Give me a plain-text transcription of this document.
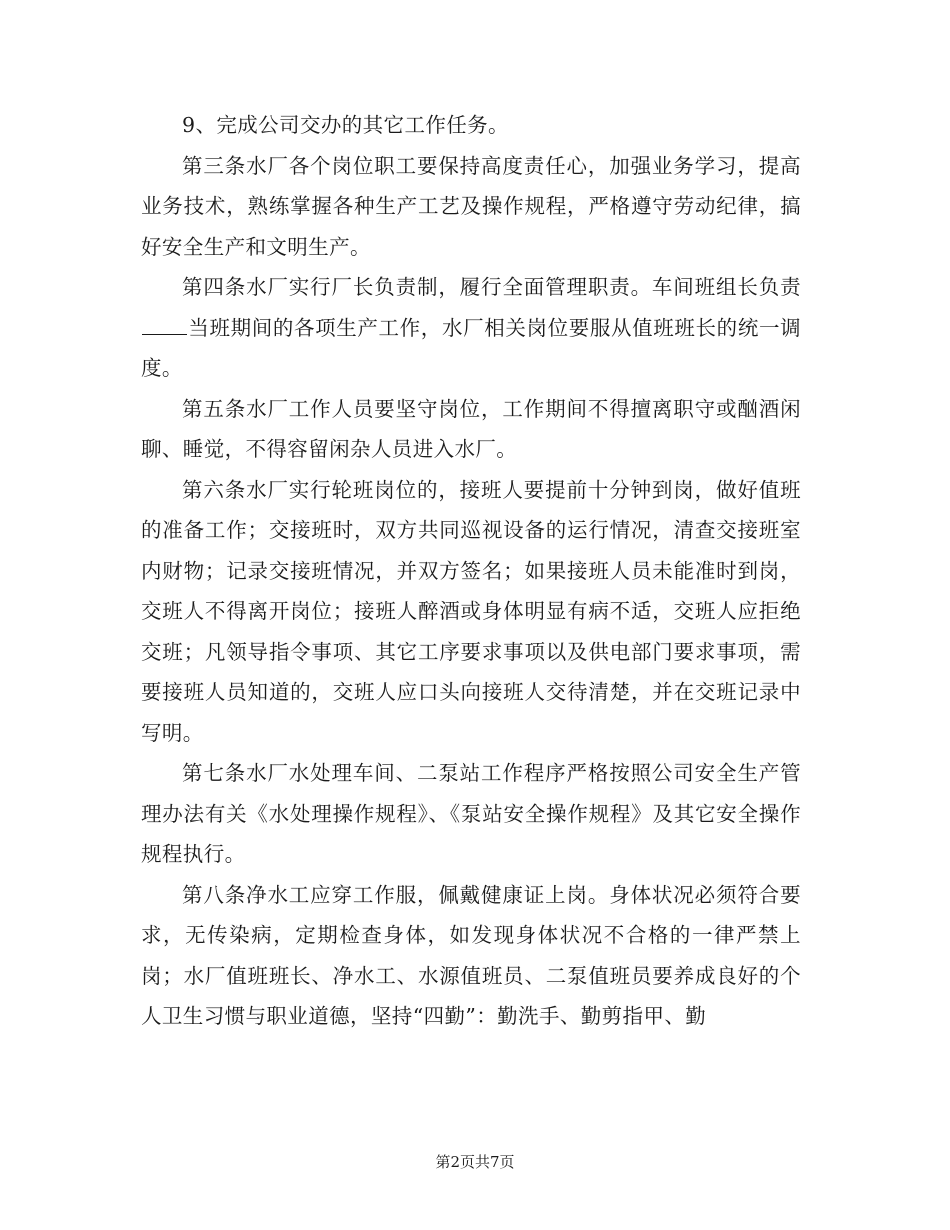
9、完成公司交办的其它工作任务。

第三条水厂各个岗位职工要保持高度责任心，加强业务学习，提高业务技术，熟练掌握各种生产工艺及操作规程，严格遵守劳动纪律，搞好安全生产和文明生产。

第四条水厂实行厂长负责制，履行全面管理职责。车间班组长负责当班期间的各项生产工作，水厂相关岗位要服从值班班长的统一调度。

第五条水厂工作人员要坚守岗位，工作期间不得擅离职守或酗酒闲聊、睡觉，不得容留闲杂人员进入水厂。

第六条水厂实行轮班岗位的，接班人要提前十分钟到岗，做好值班的准备工作；交接班时，双方共同巡视设备的运行情况，清查交接班室内财物；记录交接班情况，并双方签名；如果接班人员未能准时到岗，交班人不得离开岗位；接班人醉酒或身体明显有病不适，交班人应拒绝交班；凡领导指令事项、其它工序要求事项以及供电部门要求事项，需要接班人员知道的，交班人应口头向接班人交待清楚，并在交班记录中写明。

第七条水厂水处理车间、二泵站工作程序严格按照公司安全生产管理办法有关《水处理操作规程》、《泵站安全操作规程》及其它安全操作规程执行。

第八条净水工应穿工作服，佩戴健康证上岗。身体状况必须符合要求，无传染病，定期检查身体，如发现身体状况不合格的一律严禁上岗；水厂值班班长、净水工、水源值班员、二泵值班员要养成良好的个人卫生习惯与职业道德，坚持“四勤”：勤洗手、勤剪指甲、勤

第2页共7页
